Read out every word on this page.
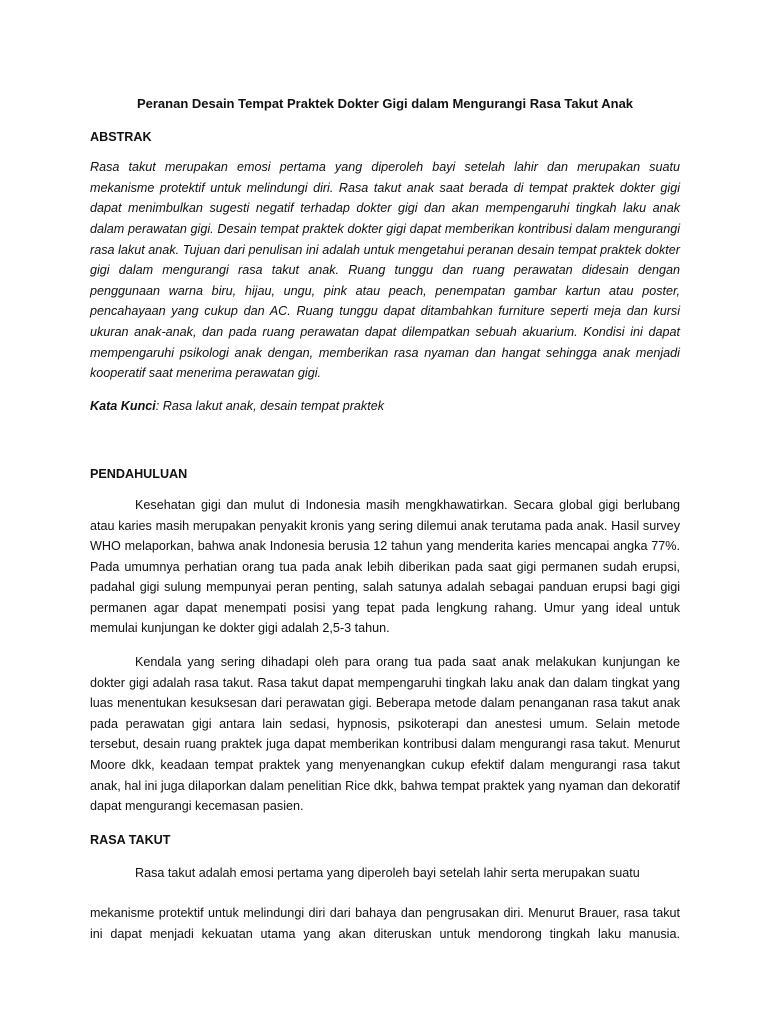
Peranan Desain Tempat Praktek Dokter Gigi dalam Mengurangi Rasa Takut Anak

ABSTRAK

Rasa takut merupakan emosi pertama yang diperoleh bayi setelah lahir dan merupakan suatu mekanisme protektif untuk melindungi diri. Rasa takut anak saat berada di tempat praktek dokter gigi dapat menimbulkan sugesti negatif terhadap dokter gigi dan akan mempengaruhi tingkah laku anak dalam perawatan gigi. Desain tempat praktek dokter gigi dapat memberikan kontribusi dalam mengurangi rasa lakut anak. Tujuan dari penulisan ini adalah untuk mengetahui peranan desain tempat praktek dokter gigi dalam mengurangi rasa takut anak. Ruang tunggu dan ruang perawatan didesain dengan penggunaan warna biru, hijau, ungu, pink atau peach, penempatan gambar kartun atau poster, pencahayaan yang cukup dan AC. Ruang tunggu dapat ditambahkan furniture seperti meja dan kursi ukuran anak-anak, dan pada ruang perawatan dapat dilempatkan sebuah akuarium. Kondisi ini dapat mempengaruhi psikologi anak dengan, memberikan rasa nyaman dan hangat sehingga anak menjadi kooperatif saat menerima perawatan gigi.

Kata Kunci: Rasa lakut anak, desain tempat praktek

PENDAHULUAN

Kesehatan gigi dan mulut di Indonesia masih mengkhawatirkan. Secara global gigi berlubang atau karies masih merupakan penyakit kronis yang sering dilemui anak terutama pada anak. Hasil survey WHO melaporkan, bahwa anak Indonesia berusia 12 tahun yang menderita karies mencapai angka 77%. Pada umumnya perhatian orang tua pada anak lebih diberikan pada saat gigi permanen sudah erupsi, padahal gigi sulung mempunyai peran penting, salah satunya adalah sebagai panduan erupsi bagi gigi permanen agar dapat menempati posisi yang tepat pada lengkung rahang. Umur yang ideal untuk memulai kunjungan ke dokter gigi adalah 2,5-3 tahun.

Kendala yang sering dihadapi oleh para orang tua pada saat anak melakukan kunjungan ke dokter gigi adalah rasa takut. Rasa takut dapat mempengaruhi tingkah laku anak dan dalam tingkat yang luas menentukan kesuksesan dari perawatan gigi. Beberapa metode dalam penanganan rasa takut anak pada perawatan gigi antara lain sedasi, hypnosis, psikoterapi dan anestesi umum. Selain metode tersebut, desain ruang praktek juga dapat memberikan kontribusi dalam mengurangi rasa takut. Menurut Moore dkk, keadaan tempat praktek yang menyenangkan cukup efektif dalam mengurangi rasa takut anak, hal ini juga dilaporkan dalam penelitian Rice dkk, bahwa tempat praktek yang nyaman dan dekoratif dapat mengurangi kecemasan pasien.

RASA TAKUT

Rasa takut adalah emosi pertama yang diperoleh bayi setelah lahir serta merupakan suatu

mekanisme protektif untuk melindungi diri dari bahaya dan pengrusakan diri. Menurut Brauer, rasa takut ini dapat menjadi kekuatan utama yang akan diteruskan untuk mendorong tingkah laku manusia.
